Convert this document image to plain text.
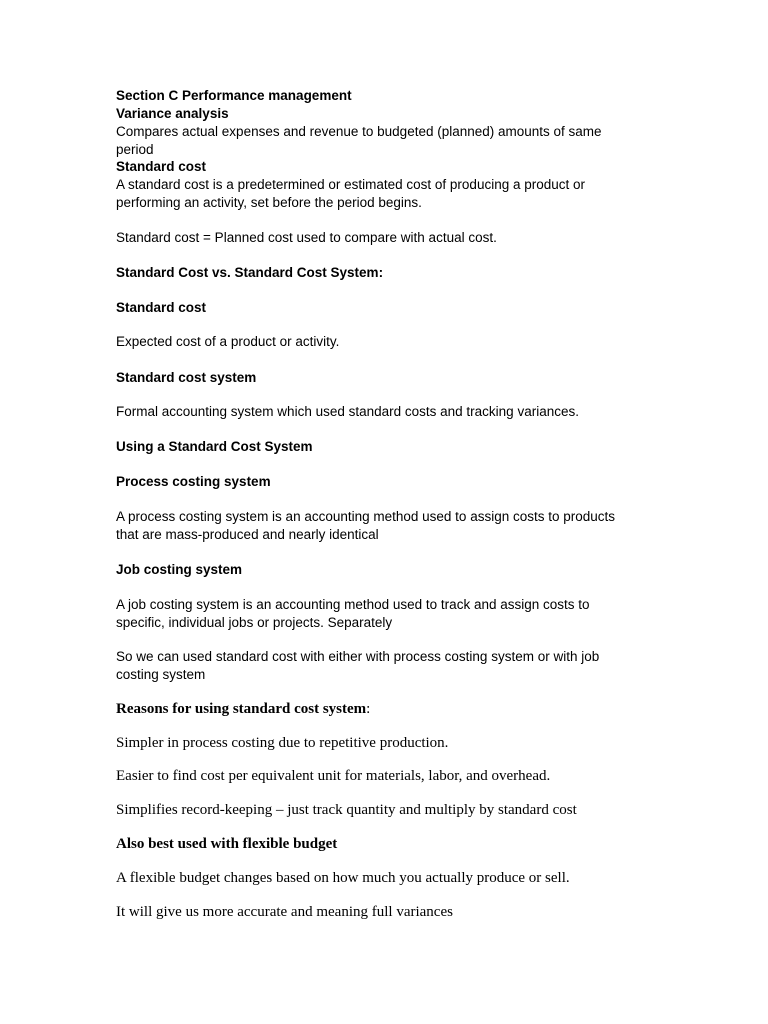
Section C Performance management

Variance analysis

Compares actual expenses and revenue to budgeted (planned) amounts of same

period

Standard cost

A standard cost is a predetermined or estimated cost of producing a product or

performing an activity, set before the period begins.

Standard cost = Planned cost used to compare with actual cost.

Standard Cost vs. Standard Cost System:

Standard cost

Expected cost of a product or activity.

Standard cost system

Formal accounting system which used standard costs and tracking variances.

Using a Standard Cost System

Process costing system

A process costing system is an accounting method used to assign costs to products

that are mass-produced and nearly identical

Job costing system

A job costing system is an accounting method used to track and assign costs to

specific, individual jobs or projects. Separately

So we can used standard cost with either with process costing system or with job

costing system

Reasons for using standard cost system:

Simpler in process costing due to repetitive production.

Easier to find cost per equivalent unit for materials, labor, and overhead.

Simplifies record-keeping – just track quantity and multiply by standard cost

Also best used with flexible budget

A flexible budget changes based on how much you actually produce or sell.

It will give us more accurate and meaning full variances
